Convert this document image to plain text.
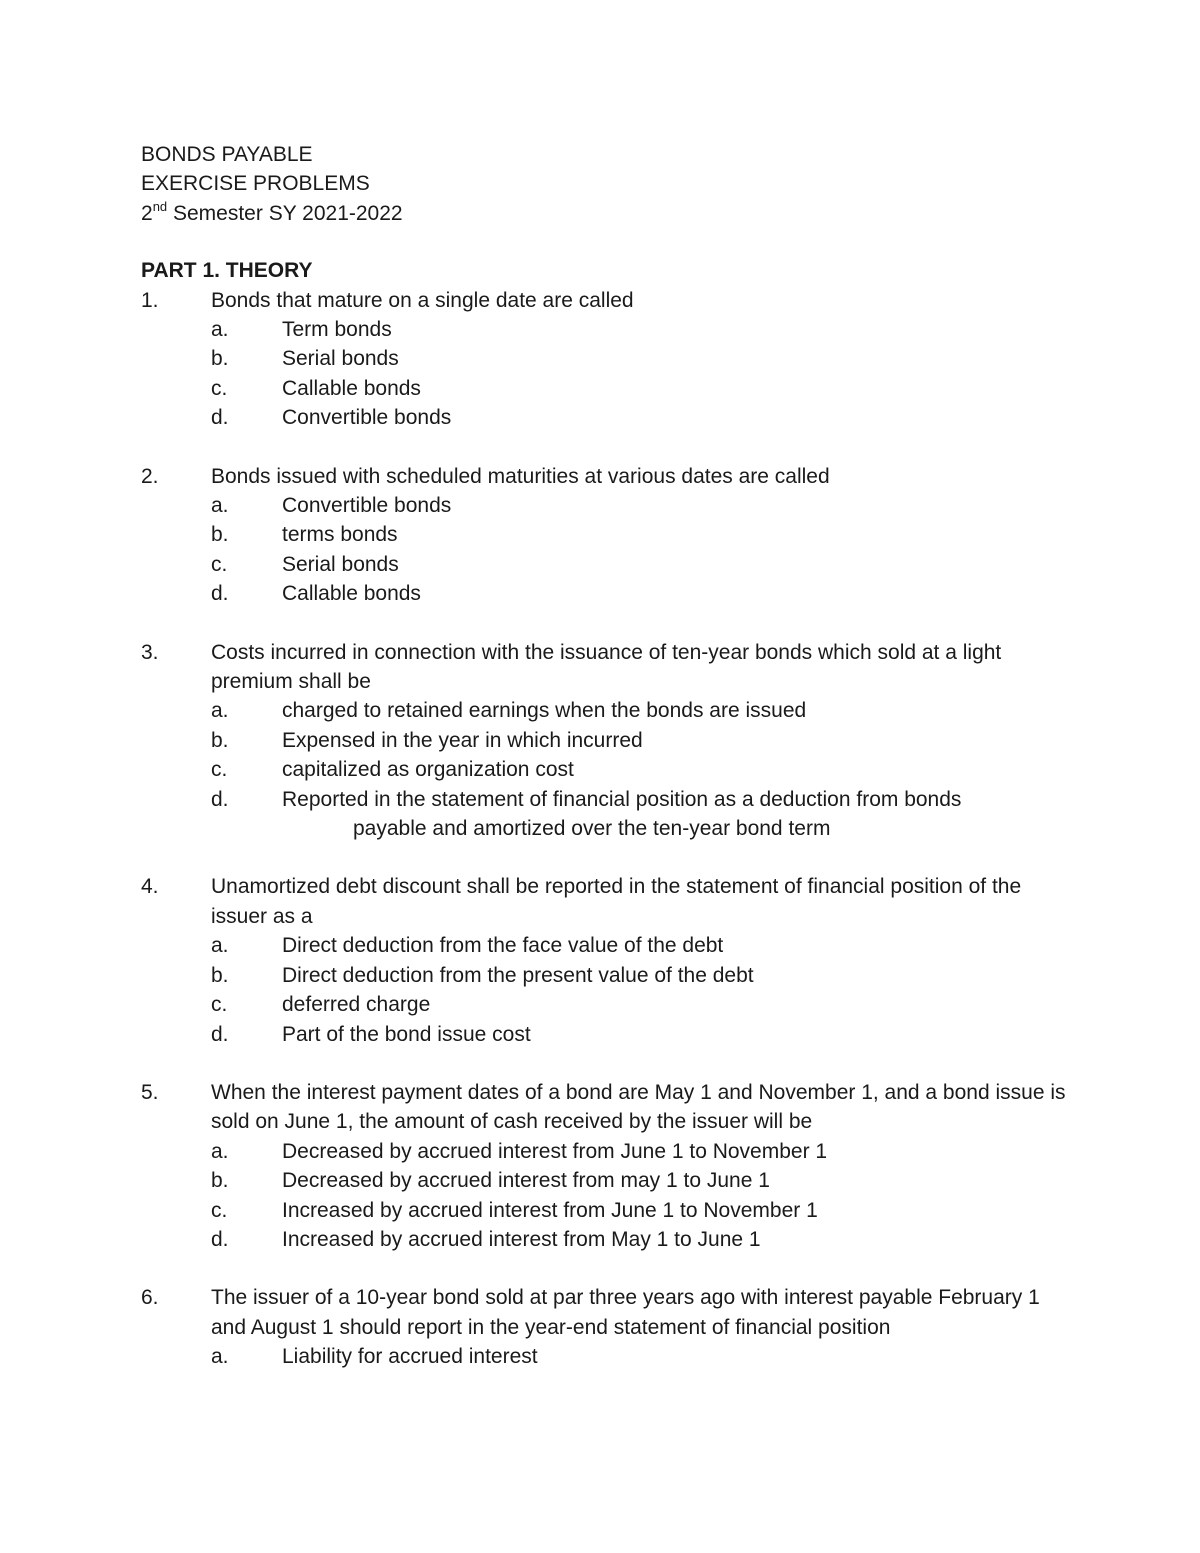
BONDS PAYABLE
EXERCISE PROBLEMS
2nd Semester SY 2021-2022
PART 1. THEORY
1. Bonds that mature on a single date are called
a.	Term bonds
b.	Serial bonds
c.	Callable bonds
d.	Convertible bonds
2. Bonds issued with scheduled maturities at various dates are called
a.	Convertible bonds
b.	terms bonds
c.	Serial bonds
d.	Callable bonds
3. Costs incurred in connection with the issuance of ten-year bonds which sold at a light premium shall be
a.	charged to retained earnings when the bonds are issued
b.	Expensed in the year in which incurred
c.	capitalized as organization cost
d.	Reported in the statement of financial position as a deduction from bonds
payable and amortized over the ten-year bond term
4. Unamortized debt discount shall be reported in the statement of financial position of the issuer as a
a.	Direct deduction from the face value of the debt
b.	Direct deduction from the present value of the debt
c.	deferred charge
d.	Part of the bond issue cost
5. When the interest payment dates of a bond are May 1 and November 1, and a bond issue is sold on June 1, the amount of cash received by the issuer will be
a.	Decreased by accrued interest from June 1 to November 1
b.	Decreased by accrued interest from may 1 to June 1
c.	Increased by accrued interest from June 1 to November 1
d.	Increased by accrued interest from May 1 to June 1
6. The issuer of a 10-year bond sold at par three years ago with interest payable February 1 and August 1 should report in the year-end statement of financial position
a.	Liability for accrued interest
